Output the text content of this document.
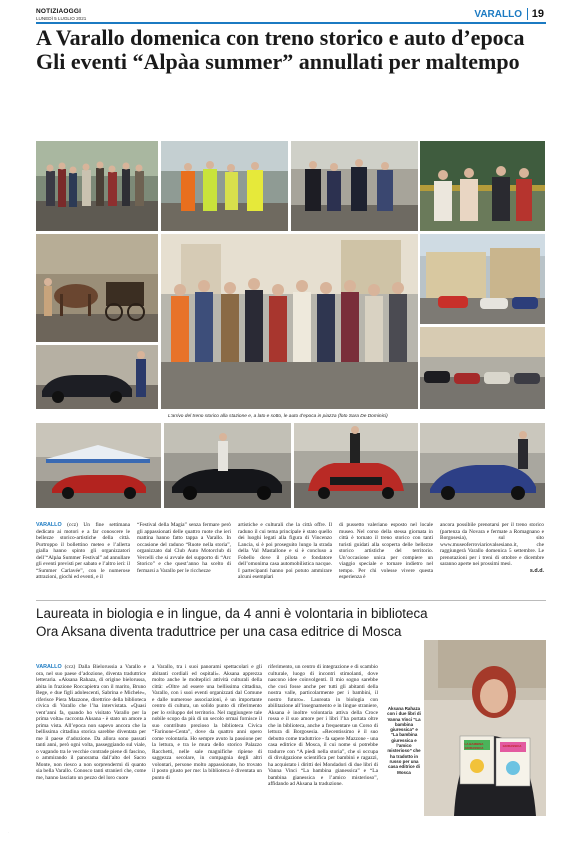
NOTIZIAOGGI
LUNEDÌ 5 LUGLIO 2021	VARALLO 19
A Varallo domenica con treno storico e auto d’epoca
Gli eventi “Alpàa summer” annullati per maltempo
L’arrivo del treno storico alla stazione e, a lato e sotto, le auto d’epoca in piazza (foto Sara De Dominici)
VARALLO (ccz) Un fine settimana dedicato ai motori e a far conoscere le bellezze storico-artistiche della città. Purtroppo il bollettino meteo e l’allerta gialla hanno spinto gli organizzatori dell’“Alpàa Summer Festival” ad annullare gli eventi previsti per sabato e l’altro ieri: il “Summer Carlavée”, con le numerose attrazioni, giochi ed eventi, e il
“Festival della Magia” senza fermare però gli appassionati delle quattro ruote che ieri mattina hanno fatto tappa a Varallo. In occasione del raduno “Ruote nella storia”, organizzato dal Club Auto Motorclub di Vercelli che si avvale del supporto di “Arc Storico” e che quest’anno ha scelto di fermarsi a Varallo per le ricchezze
artistiche e culturali che la città offre. Il raduno il cui tema principale è stato quello dei luoghi legati alla figura di Vincenzo Lancia, si è poi proseguito lungo la strada della Val Mastallone e si è concluso a Fobello dove il pilota e fondatore dell’omonima casa automobilistica nacque. I partecipanti hanno poi potuto ammirare alcuni esemplari
di pussetto valeriano esposto nel locale museo. Nel corso della stessa giornata in città è tornato il treno storico con tanti turisti guidati alla scoperta delle bellezze storico artistiche del territorio. Un’occasione unica per compiere un viaggio speciale e tornare indietro nel tempo. Per chi volesse vivere questa esperienza è
ancora possibile prenotarsi per il treno storico (partenza da Novara e fermate a Romagnano e Borgosesia), sul sito www.museoferroviariovalsesiano.it, che raggiungerà Varallo domenica 5 settembre. Le prenotazioni per i treni di ottobre e dicembre saranno aperte nei prossimi mesi.
s.d.d.
Laureata in biologia e in lingue, da 4 anni è volontaria in biblioteca
Ora Aksana diventa traduttrice per una casa editrice di Mosca
VARALLO (ccz) Dalla Bielorussia a Varallo e ora, nel suo paese d’adozione, diventa traduttrice letteraria. «Aksana Rahaza, di origine bielorussa, abita in frazione Roccapietra con il marito, Bruno Bege, e due figli adolescenti, Sabrina e Michele», riferisce Piera Mazzone, direttrice della biblioteca civica di Varallo che l’ha intervistata. «Quasi vent’anni fa, quando ho visitato Varallo per la prima volta» racconta Aksana - è stato un amore a prima vista. All’epoca non sapevo ancora che la bellissima cittadina storica sarebbe diventata per me il paese d’adozione. Da allora sono passati tanti anni, però ogni volta, passeggiando sul viale, o vagando tra le vecchie contrade piene di fascino, o ammirando il panorama dall’alto del Sacro Monte, non riesco a non sorprendermi di quanto sia bella Varallo. Conosco tanti stranieri che, come me, hanno lasciato un pezzo del loro cuore
a Varallo, tra i suoi panorami spettacolari e gli abitanti cordiali ed ospitali». Aksana apprezza molto anche le molteplici attività culturali della città: «Oltre ad essere una bellissima cittadina, Varallo, con i suoi eventi organizzati dal Comune e dalle numerose associazioni, è un importante centro di cultura, un solido punto di riferimento per lo sviluppo del territorio. Nel raggiungere tale nobile scopo da più di un secolo ormai fornisce il suo contributo prezioso la biblioteca Civica “Farinone-Centa”, dove da quattro anni opero come volontaria. Ho sempre avuto la passione per la lettura, e tra le mura dello storico Palazzo Racchetti, nelle sale magnifiche ripiene di saggezza secolare, in compagnia degli altri volontari, persone molto appassionate, ho trovato il posto giusto per me: la biblioteca è diventata un punto di
riferimento, un centro di integrazione e di scambio culturale, luogo di incontri stimolanti, dove nascono idee coinvolgenti. Il mio sogno sarebbe che così fosse anche per tutti gli abitanti della nostra valle, particolarmente per i bambini, il nostro futuro». Laureata in biologia con abilitazione all’insegnamento e in lingue straniere, Aksana è inoltre volontaria attiva della Croce rossa e il suo amore per i libri l’ha portata oltre che in biblioteca, anche a frequentare un Corso di lettura di Borgosesia. «Recentissimo è il suo debutto come traduttrice - fa sapere Mazzone - una casa editrice di Mosca, il cui nome si potrebbe tradurre con “A piedi nella storia”, che si occupa di divulgazione scientifica per bambini e ragazzi, ha acquistato i diritti dei Mondadori di due libri di Vanna Vinci “La bambina gianessica” e “La bambina gianessica e l’amico misterioso”, affidando ad Aksana la traduzione.
LA BAMBINA GIURASSICA	GIURASSICA
Aksana Rahaza con i due libri di Vanna Vinci “La bambina giuressica” e “La bambina giuressica e l’amico misterioso” che ha tradotto in russo per una casa editrice di Mosca
·
